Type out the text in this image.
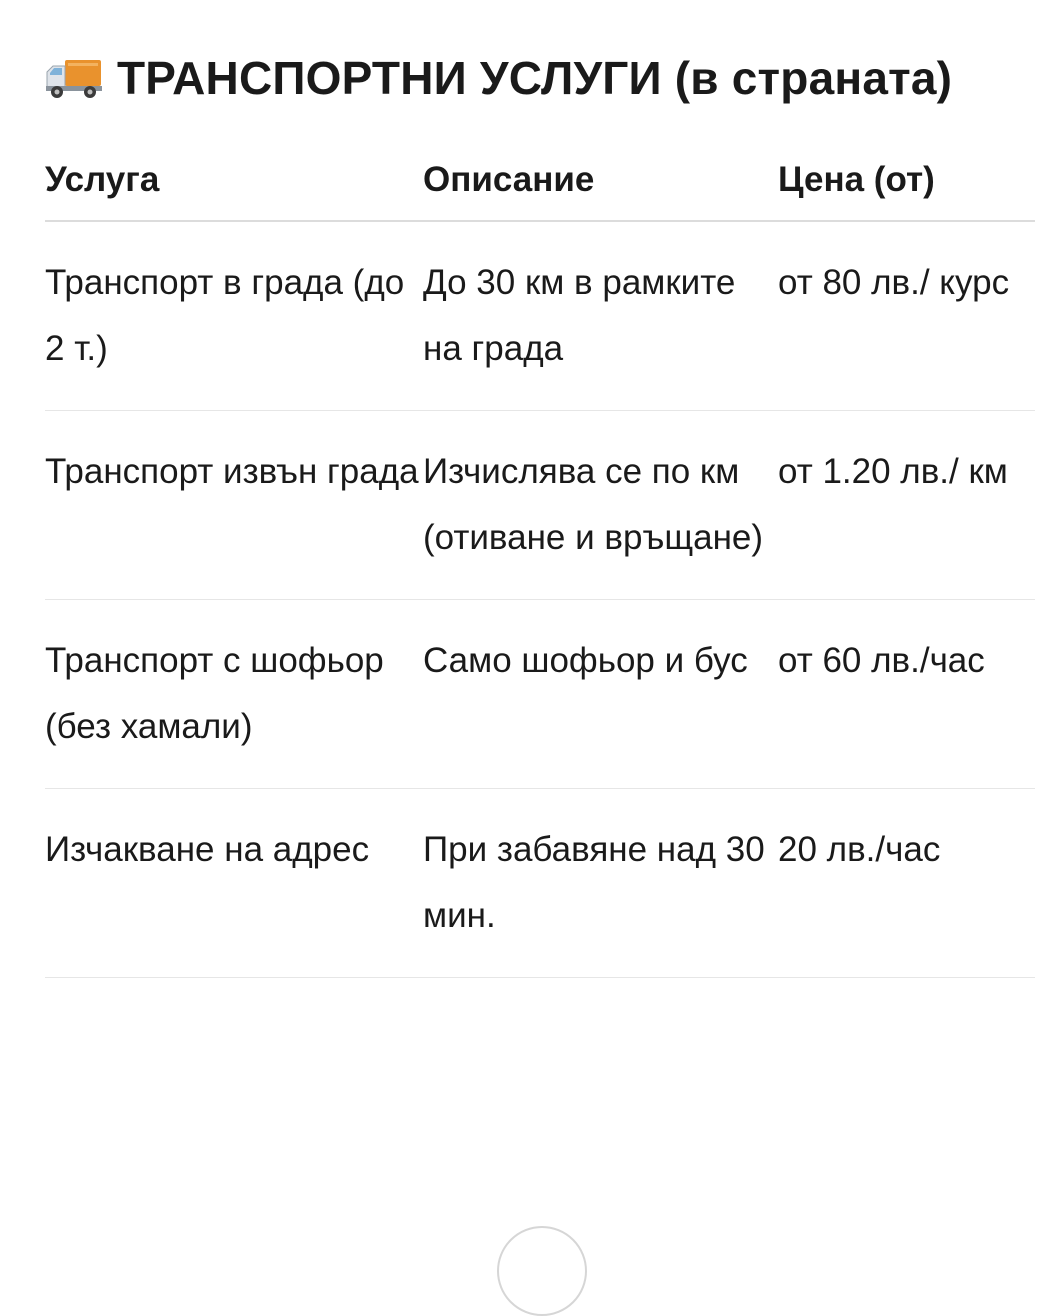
ТРАНСПОРТНИ УСЛУГИ (в страната)
Услуга	Описание	Цена (от)
Транспорт в града (до 2 т.)	До 30 км в рамките на града	от 80 лв./ курс
Транспорт извън града	Изчислява се по км (отиване и връщане)	от 1.20 лв./ км
Транспорт с шофьор (без хамали)	Само шофьор и бус	от 60 лв./час
Изчакване на адрес	При забавяне над 30 мин.	20 лв./час
